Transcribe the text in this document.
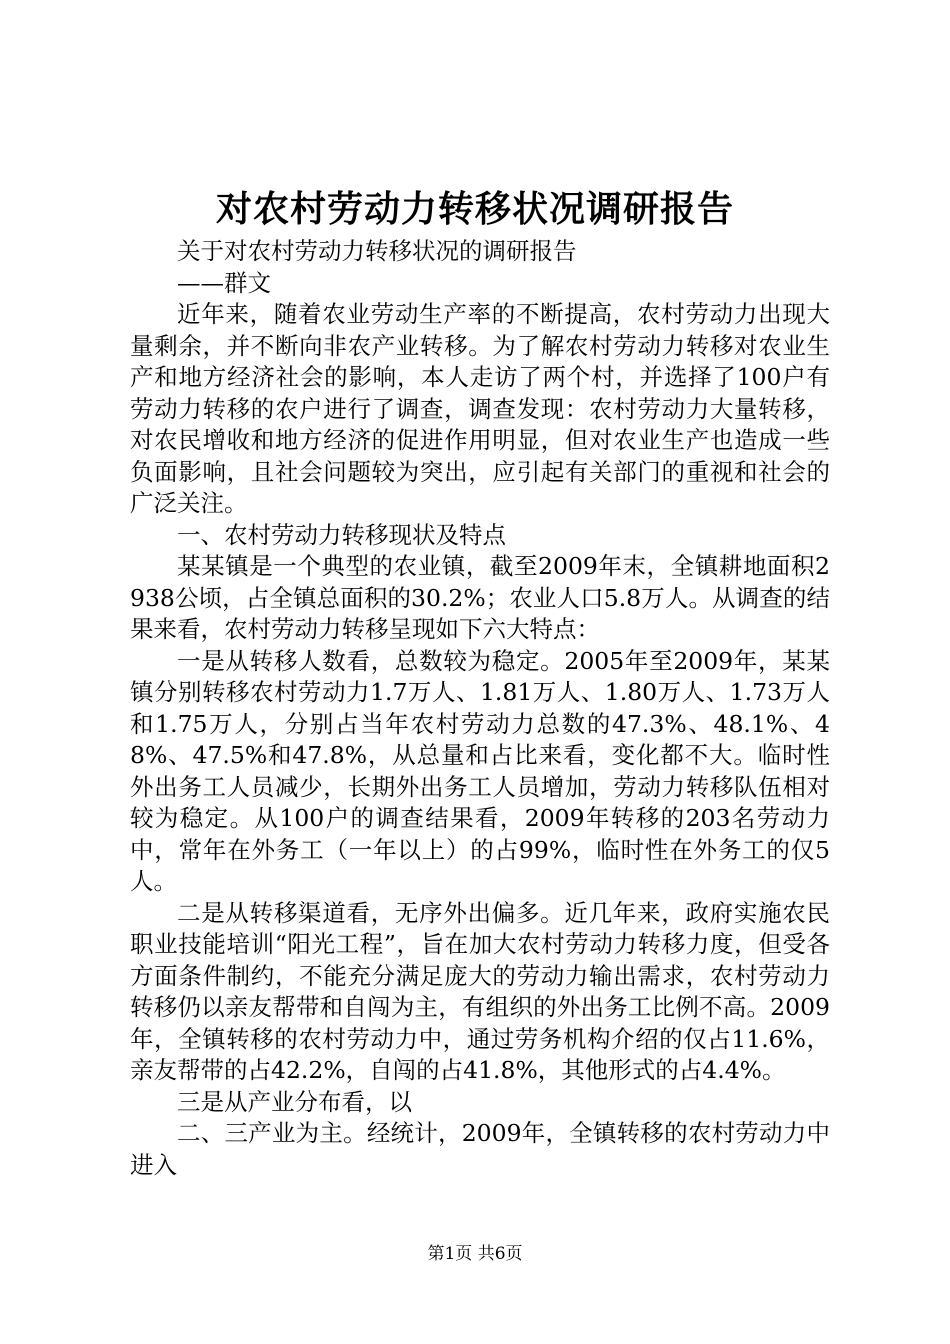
对农村劳动力转移状况调研报告

关于对农村劳动力转移状况的调研报告

——群文

近年来，随着农业劳动生产率的不断提高，农村劳动力出现大量剩余，并不断向非农产业转移。为了解农村劳动力转移对农业生产和地方经济社会的影响，本人走访了两个村，并选择了100户有劳动力转移的农户进行了调查，调查发现：农村劳动力大量转移，对农民增收和地方经济的促进作用明显，但对农业生产也造成一些负面影响，且社会问题较为突出，应引起有关部门的重视和社会的广泛关注。

一、农村劳动力转移现状及特点

某某镇是一个典型的农业镇，截至2009年末，全镇耕地面积2938公顷，占全镇总面积的30.2%；农业人口5.8万人。从调查的结果来看，农村劳动力转移呈现如下六大特点：

一是从转移人数看，总数较为稳定。2005年至2009年，某某镇分别转移农村劳动力1.7万人、1.81万人、1.80万人、1.73万人和1.75万人，分别占当年农村劳动力总数的47.3%、48.1%、48%、47.5%和47.8%，从总量和占比来看，变化都不大。临时性外出务工人员减少，长期外出务工人员增加，劳动力转移队伍相对较为稳定。从100户的调查结果看，2009年转移的203名劳动力中，常年在外务工（一年以上）的占99%，临时性在外务工的仅5人。

二是从转移渠道看，无序外出偏多。近几年来，政府实施农民职业技能培训“阳光工程”，旨在加大农村劳动力转移力度，但受各方面条件制约，不能充分满足庞大的劳动力输出需求，农村劳动力转移仍以亲友帮带和自闯为主，有组织的外出务工比例不高。2009年，全镇转移的农村劳动力中，通过劳务机构介绍的仅占11.6%，亲友帮带的占42.2%，自闯的占41.8%，其他形式的占4.4%。

三是从产业分布看，以

二、三产业为主。经统计，2009年，全镇转移的农村劳动力中进入

第1页 共6页
